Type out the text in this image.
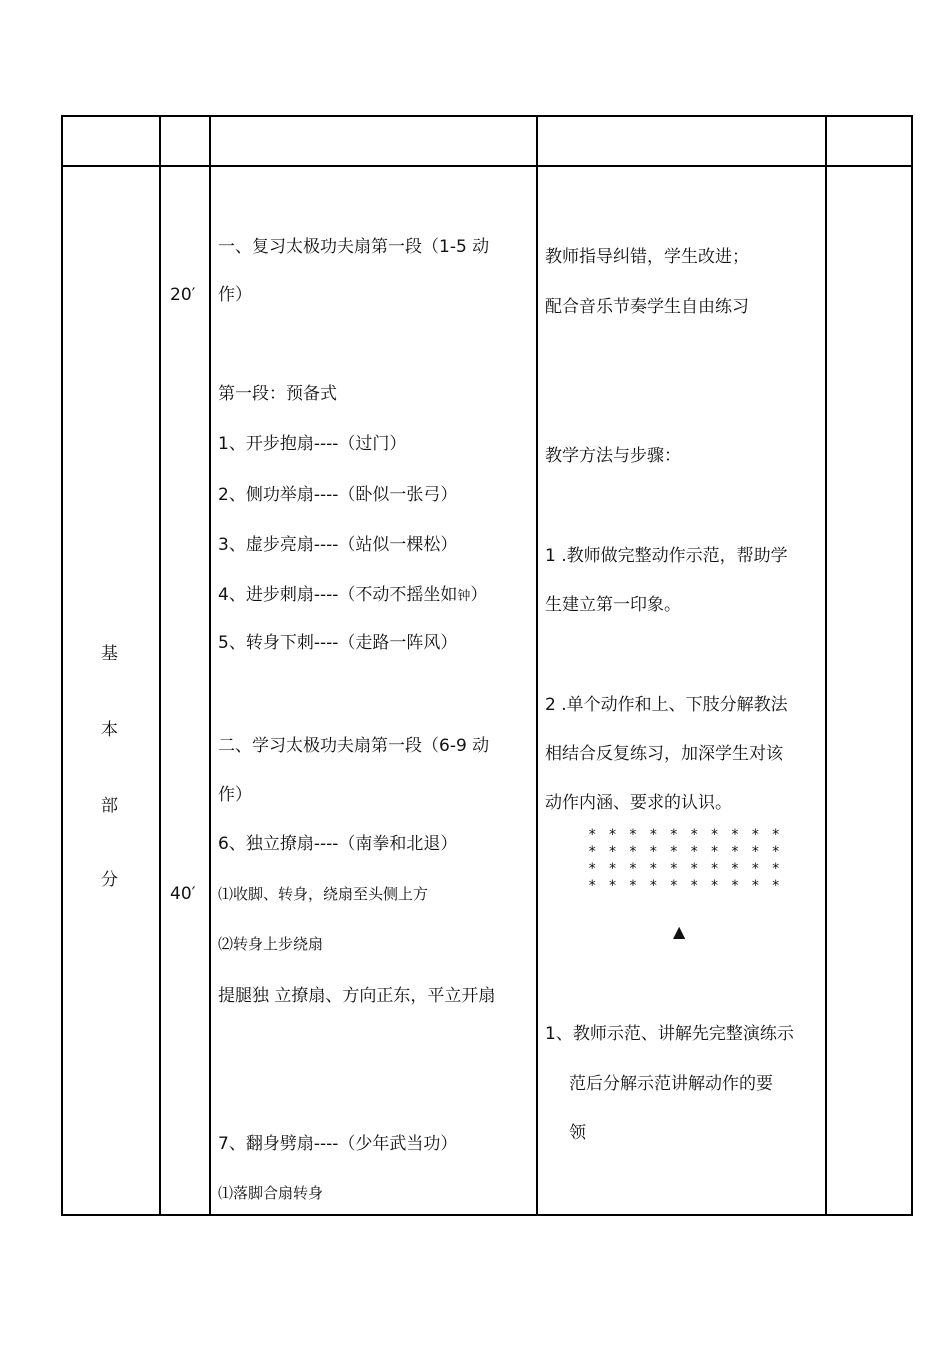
基
本
部
分
20′
40′
一、复习太极功夫扇第一段（1-5 动
作）
第一段：预备式
1、开步抱扇----（过门）
2、侧功举扇----（卧似一张弓）
3、虚步亮扇----（站似一棵松）
4、进步刺扇----（不动不摇坐如钟）
5、转身下刺----（走路一阵风）
二、学习太极功夫扇第一段（6-9 动
作）
6、独立撩扇----（南拳和北退）
⑴收脚、转身，绕扇至头侧上方
⑵转身上步绕扇
提腿独 立撩扇、方向正东，平立开扇
7、翻身劈扇----（少年武当功）
⑴落脚合扇转身
教师指导纠错，学生改进；
配合音乐节奏学生自由练习
教学方法与步骤：
1 .教师做完整动作示范，帮助学
生建立第一印象。
2 .单个动作和上、下肢分解教法
相结合反复练习，加深学生对该
动作内涵、要求的认识。
* * * * * * * * * *
* * * * * * * * * *
* * * * * * * * * *
* * * * * * * * * *
▲
1、教师示范、讲解先完整演练示
范后分解示范讲解动作的要
领
